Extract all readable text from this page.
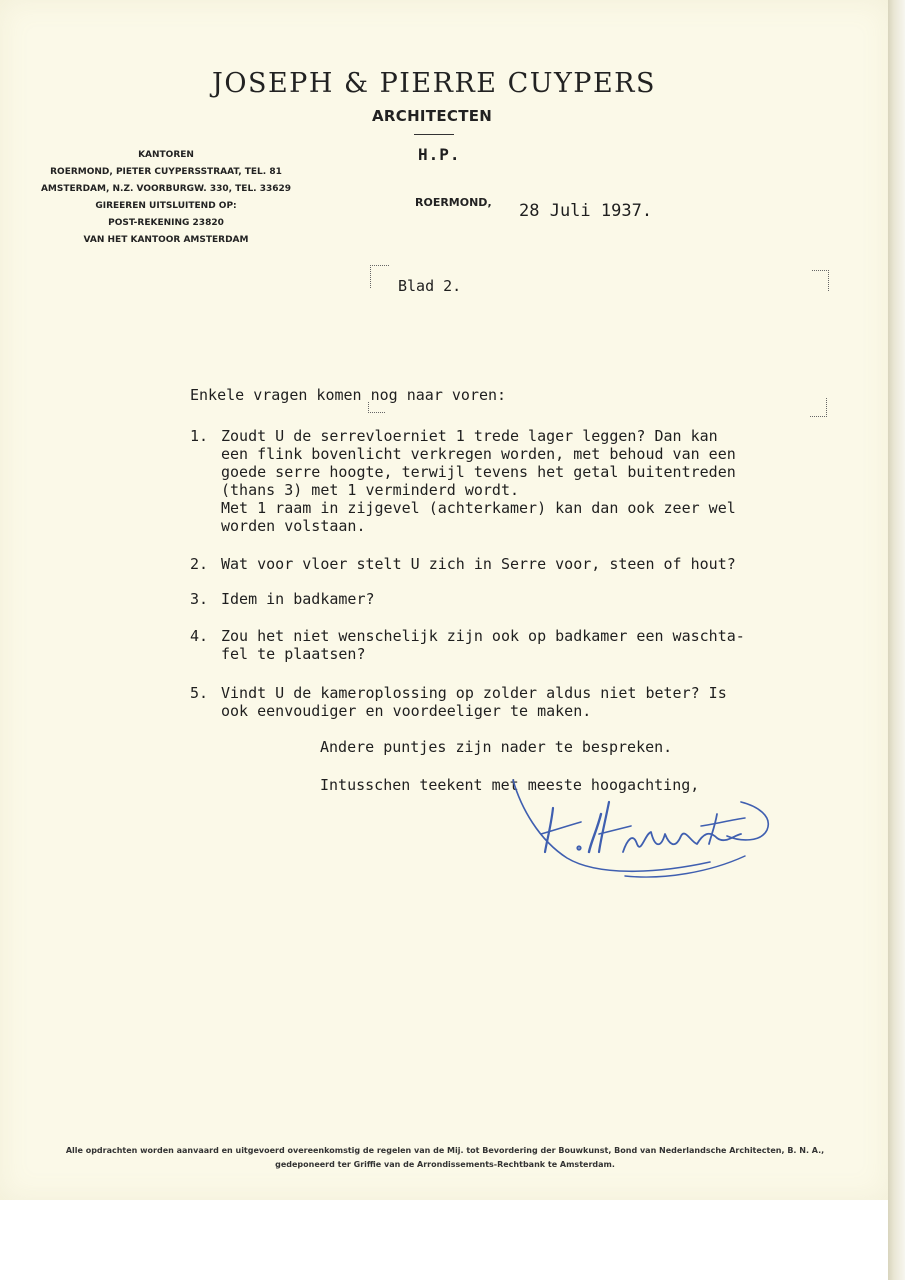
JOSEPH & PIERRE CUYPERS
ARCHITECTEN
H.P.
KANTOREN
ROERMOND, PIETER CUYPERSSTRAAT, TEL. 81
AMSTERDAM, N.Z. VOORBURGW. 330, TEL. 33629
GIREEREN UITSLUITEND OP:
POST-REKENING 23820
VAN HET KANTOOR AMSTERDAM
ROERMOND, 28 Juli 1937.
Blad 2.
Enkele vragen komen nog naar voren:
1. Zoudt U de serrevloerniet 1 trede lager leggen? Dan kan
een flink bovenlicht verkregen worden, met behoud van een
goede serre hoogte, terwijl tevens het getal buitentreden
(thans 3) met 1 verminderd wordt.
Met 1 raam in zijgevel (achterkamer) kan dan ook zeer wel
worden volstaan.
2. Wat voor vloer stelt U zich in Serre voor, steen of hout?
3. Idem in badkamer?
4. Zou het niet wenschelijk zijn ook op badkamer een waschta-
fel te plaatsen?
5. Vindt U de kameroplossing op zolder aldus niet beter? Is
ook eenvoudiger en voordeeliger te maken.
Andere puntjes zijn nader te bespreken.
Intusschen teekent met meeste hoogachting,
Alle opdrachten worden aanvaard en uitgevoerd overeenkomstig de regelen van de Mij. tot Bevordering der Bouwkunst, Bond van Nederlandsche Architecten, B. N. A.,
gedeponeerd ter Griffie van de Arrondissements-Rechtbank te Amsterdam.
